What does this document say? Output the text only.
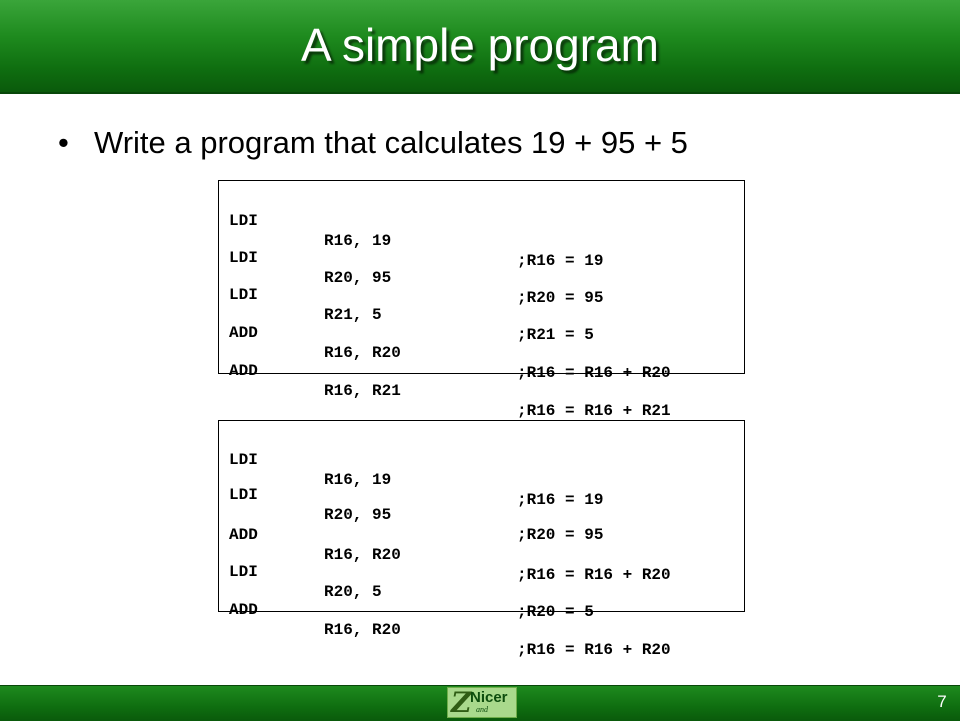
A simple program
• Write a program that calculates 19 + 95 + 5

LDI

R16, 19

;R16 = 19

LDI

R20, 95

;R20 = 95

LDI

R21, 5

;R21 = 5

ADD

R16, R20

;R16 = R16 + R20

ADD

R16, R21

;R16 = R16 + R21

LDI

R16, 19

;R16 = 19

LDI

R20, 95

;R20 = 95

ADD

R16, R20

;R16 = R16 + R20

LDI

R20, 5

;R20 = 5

ADD

R16, R20

;R16 = R16 + R20

Z
Nicer
and	7
